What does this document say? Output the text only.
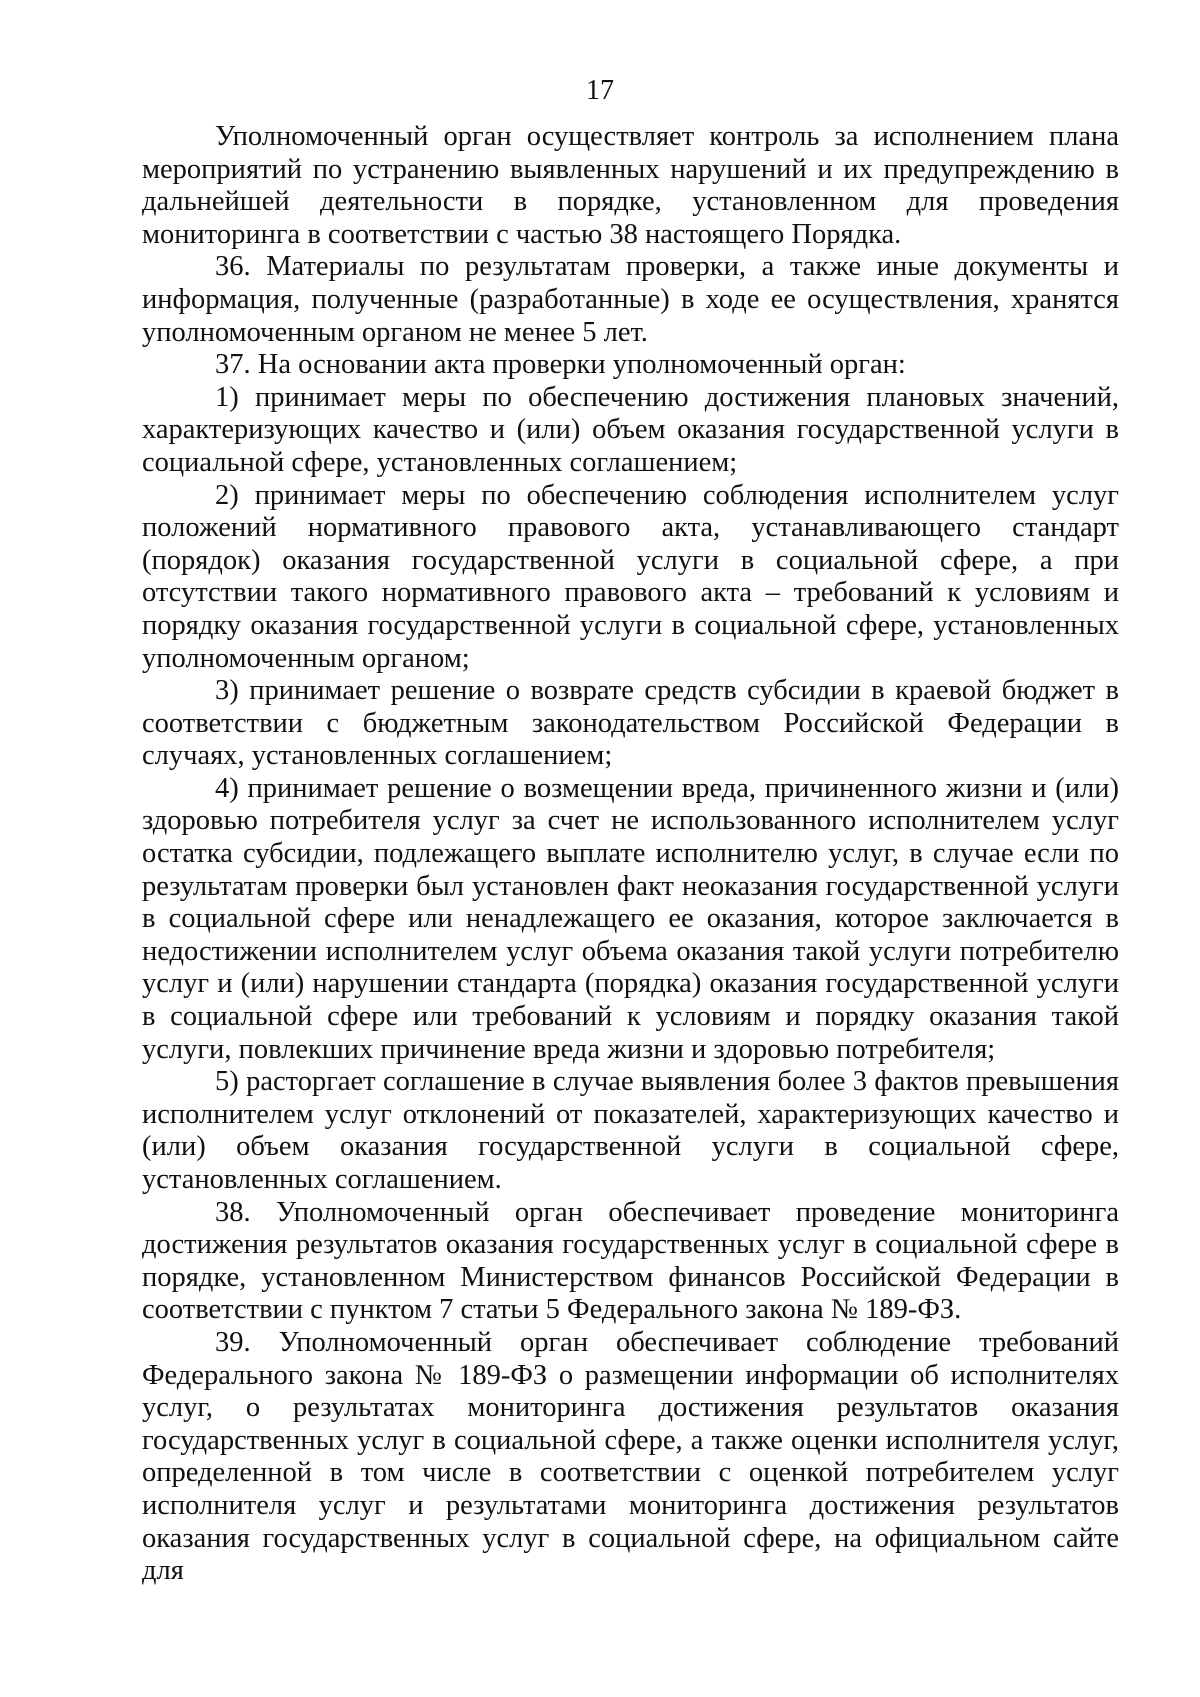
17

Уполномоченный орган осуществляет контроль за исполнением плана мероприятий по устранению выявленных нарушений и их предупреждению в дальнейшей деятельности в порядке, установленном для проведения мониторинга в соответствии с частью 38 настоящего Порядка.

36. Материалы по результатам проверки, а также иные документы и информация, полученные (разработанные) в ходе ее осуществления, хранятся уполномоченным органом не менее 5 лет.

37. На основании акта проверки уполномоченный орган:

1) принимает меры по обеспечению достижения плановых значений, характеризующих качество и (или) объем оказания государственной услуги в социальной сфере, установленных соглашением;

2) принимает меры по обеспечению соблюдения исполнителем услуг положений нормативного правового акта, устанавливающего стандарт (порядок) оказания государственной услуги в социальной сфере, а при отсутствии такого нормативного правового акта – требований к условиям и порядку оказания государственной услуги в социальной сфере, установленных уполномоченным органом;

3) принимает решение о возврате средств субсидии в краевой бюджет в соответствии с бюджетным законодательством Российской Федерации в случаях, установленных соглашением;

4) принимает решение о возмещении вреда, причиненного жизни и (или) здоровью потребителя услуг за счет не использованного исполнителем услуг остатка субсидии, подлежащего выплате исполнителю услуг, в случае если по результатам проверки был установлен факт неоказания государственной услуги в социальной сфере или ненадлежащего ее оказания, которое заключается в недостижении исполнителем услуг объема оказания такой услуги потребителю услуг и (или) нарушении стандарта (порядка) оказания государственной услуги в социальной сфере или требований к условиям и порядку оказания такой услуги, повлекших причинение вреда жизни и здоровью потребителя;

5) расторгает соглашение в случае выявления более 3 фактов превышения исполнителем услуг отклонений от показателей, характеризующих качество и (или) объем оказания государственной услуги в социальной сфере, установленных соглашением.

38. Уполномоченный орган обеспечивает проведение мониторинга достижения результатов оказания государственных услуг в социальной сфере в порядке, установленном Министерством финансов Российской Федерации в соответствии с пунктом 7 статьи 5 Федерального закона № 189-ФЗ.

39. Уполномоченный орган обеспечивает соблюдение требований Федерального закона № 189-ФЗ о размещении информации об исполнителях услуг, о результатах мониторинга достижения результатов оказания государственных услуг в социальной сфере, а также оценки исполнителя услуг, определенной в том числе в соответствии с оценкой потребителем услуг исполнителя услуг и результатами мониторинга достижения результатов оказания государственных услуг в социальной сфере, на официальном сайте для
